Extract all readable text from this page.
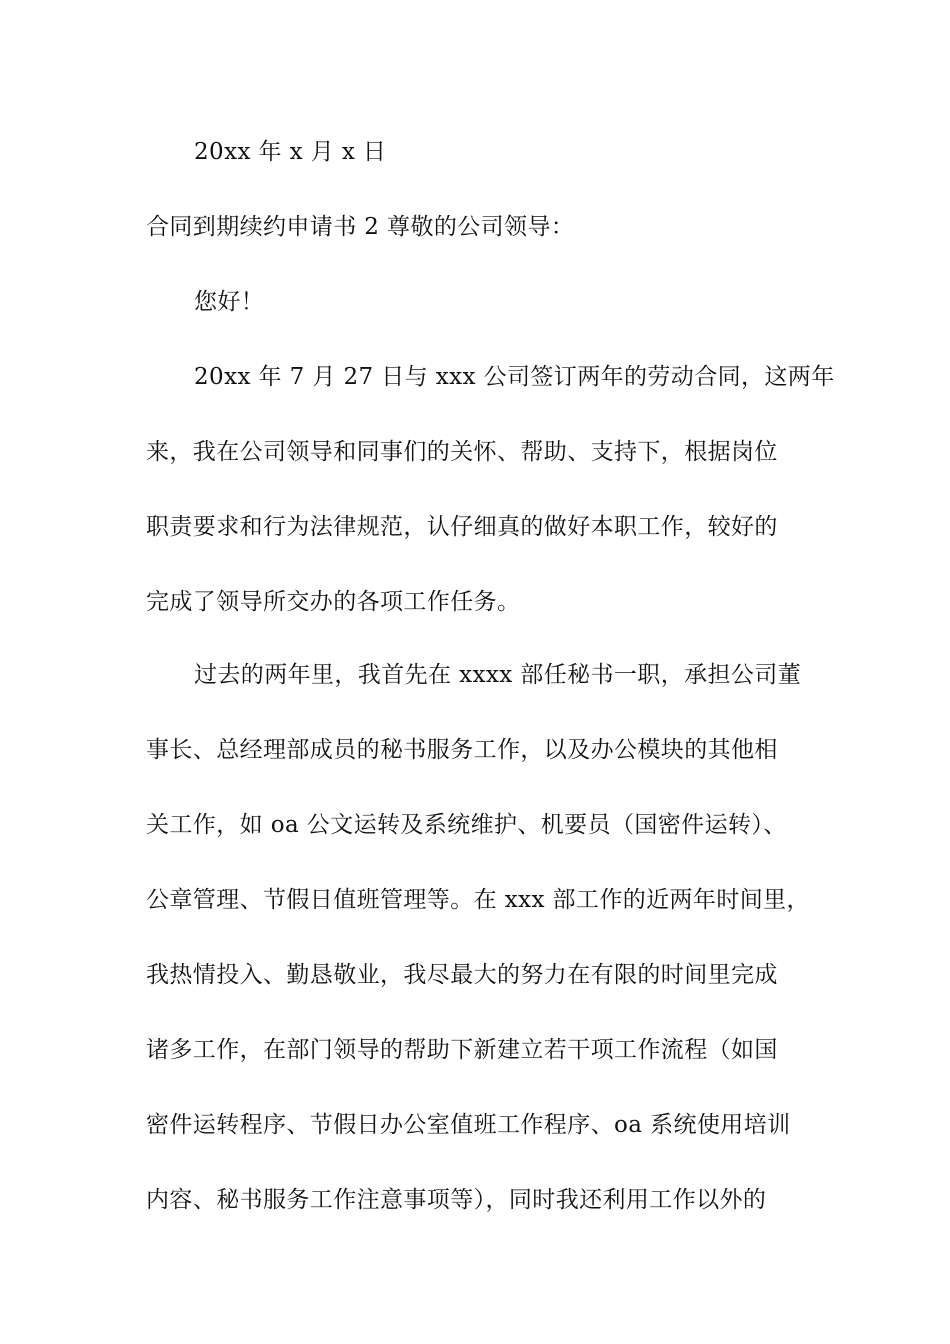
20xx 年 x 月 x 日
合同到期续约申请书 2 尊敬的公司领导：
您好！
20xx 年 7 月 27 日与 xxx 公司签订两年的劳动合同，这两年
来，我在公司领导和同事们的关怀、帮助、支持下，根据岗位
职责要求和行为法律规范，认仔细真的做好本职工作，较好的
完成了领导所交办的各项工作任务。
过去的两年里，我首先在 xxxx 部任秘书一职，承担公司董
事长、总经理部成员的秘书服务工作，以及办公模块的其他相
关工作，如 oa 公文运转及系统维护、机要员（国密件运转）、
公章管理、节假日值班管理等。在 xxx 部工作的近两年时间里，
我热情投入、勤恳敬业，我尽最大的努力在有限的时间里完成
诸多工作，在部门领导的帮助下新建立若干项工作流程（如国
密件运转程序、节假日办公室值班工作程序、oa 系统使用培训
内容、秘书服务工作注意事项等），同时我还利用工作以外的
